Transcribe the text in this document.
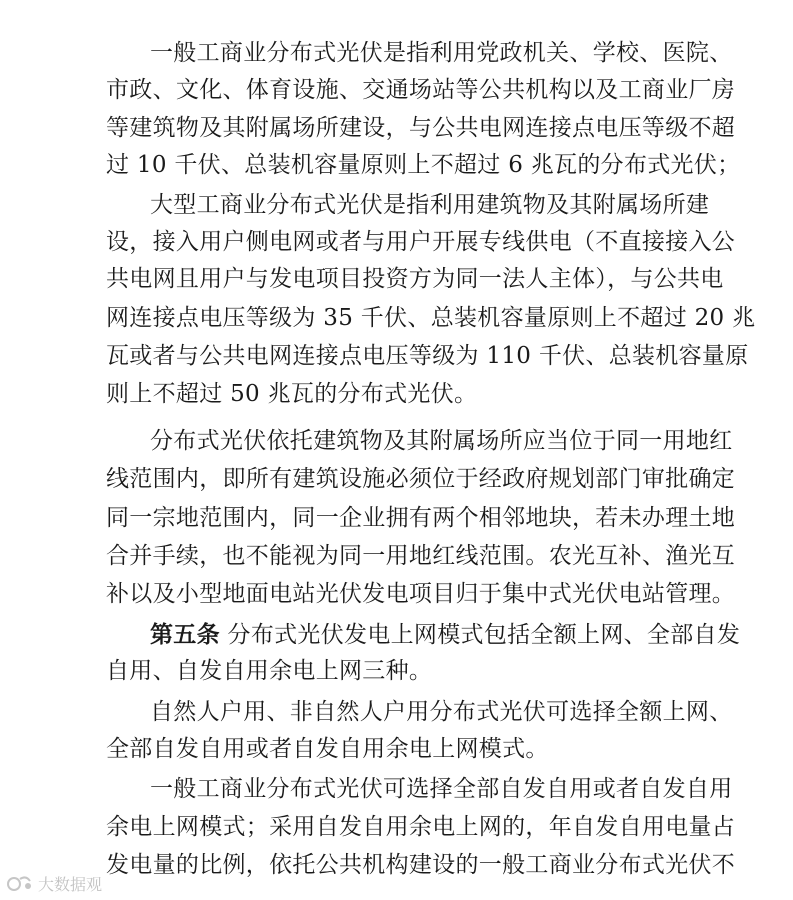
一般工商业分布式光伏是指利用党政机关、学校、医院、
市政、文化、体育设施、交通场站等公共机构以及工商业厂房
等建筑物及其附属场所建设，与公共电网连接点电压等级不超
过 10 千伏、总装机容量原则上不超过 6 兆瓦的分布式光伏；
大型工商业分布式光伏是指利用建筑物及其附属场所建
设，接入用户侧电网或者与用户开展专线供电（不直接接入公
共电网且用户与发电项目投资方为同一法人主体），与公共电
网连接点电压等级为 35 千伏、总装机容量原则上不超过 20 兆
瓦或者与公共电网连接点电压等级为 110 千伏、总装机容量原
则上不超过 50 兆瓦的分布式光伏。
分布式光伏依托建筑物及其附属场所应当位于同一用地红
线范围内，即所有建筑设施必须位于经政府规划部门审批确定
同一宗地范围内，同一企业拥有两个相邻地块，若未办理土地
合并手续，也不能视为同一用地红线范围。农光互补、渔光互
补以及小型地面电站光伏发电项目归于集中式光伏电站管理。
第五条 分布式光伏发电上网模式包括全额上网、全部自发
自用、自发自用余电上网三种。
自然人户用、非自然人户用分布式光伏可选择全额上网、
全部自发自用或者自发自用余电上网模式。
一般工商业分布式光伏可选择全部自发自用或者自发自用
余电上网模式；采用自发自用余电上网的，年自发自用电量占
发电量的比例，依托公共机构建设的一般工商业分布式光伏不
大数据观
